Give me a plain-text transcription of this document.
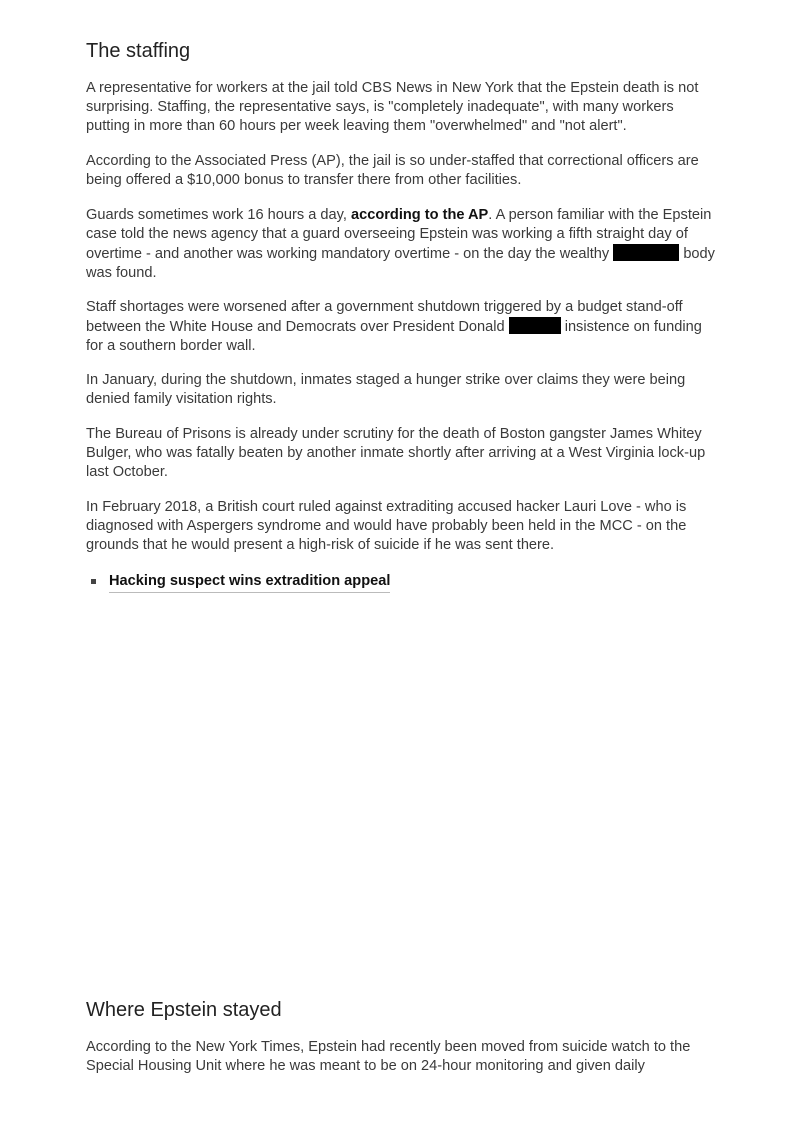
The staffing

A representative for workers at the jail told CBS News in New York that the Epstein death is not surprising. Staffing, the representative says, is "completely inadequate", with many workers putting in more than 60 hours per week leaving them "overwhelmed" and "not alert".

According to the Associated Press (AP), the jail is so under-staffed that correctional officers are being offered a $10,000 bonus to transfer there from other facilities.

Guards sometimes work 16 hours a day, according to the AP. A person familiar with the Epstein case told the news agency that a guard overseeing Epstein was working a fifth straight day of overtime - and another was working mandatory overtime - on the day the wealthy	body was found.

Staff shortages were worsened after a government shutdown triggered by a budget stand-off between the White House and Democrats over President Donald	insistence on funding for a southern border wall.

In January, during the shutdown, inmates staged a hunger strike over claims they were being denied family visitation rights.

The Bureau of Prisons is already under scrutiny for the death of Boston gangster James Whitey Bulger, who was fatally beaten by another inmate shortly after arriving at a West Virginia lock-up last October.

In February 2018, a British court ruled against extraditing accused hacker Lauri Love - who is diagnosed with Aspergers syndrome and would have probably been held in the MCC - on the grounds that he would present a high-risk of suicide if he was sent there.

Hacking suspect wins extradition appeal
Where Epstein stayed

According to the New York Times, Epstein had recently been moved from suicide watch to the Special Housing Unit where he was meant to be on 24-hour monitoring and given daily
